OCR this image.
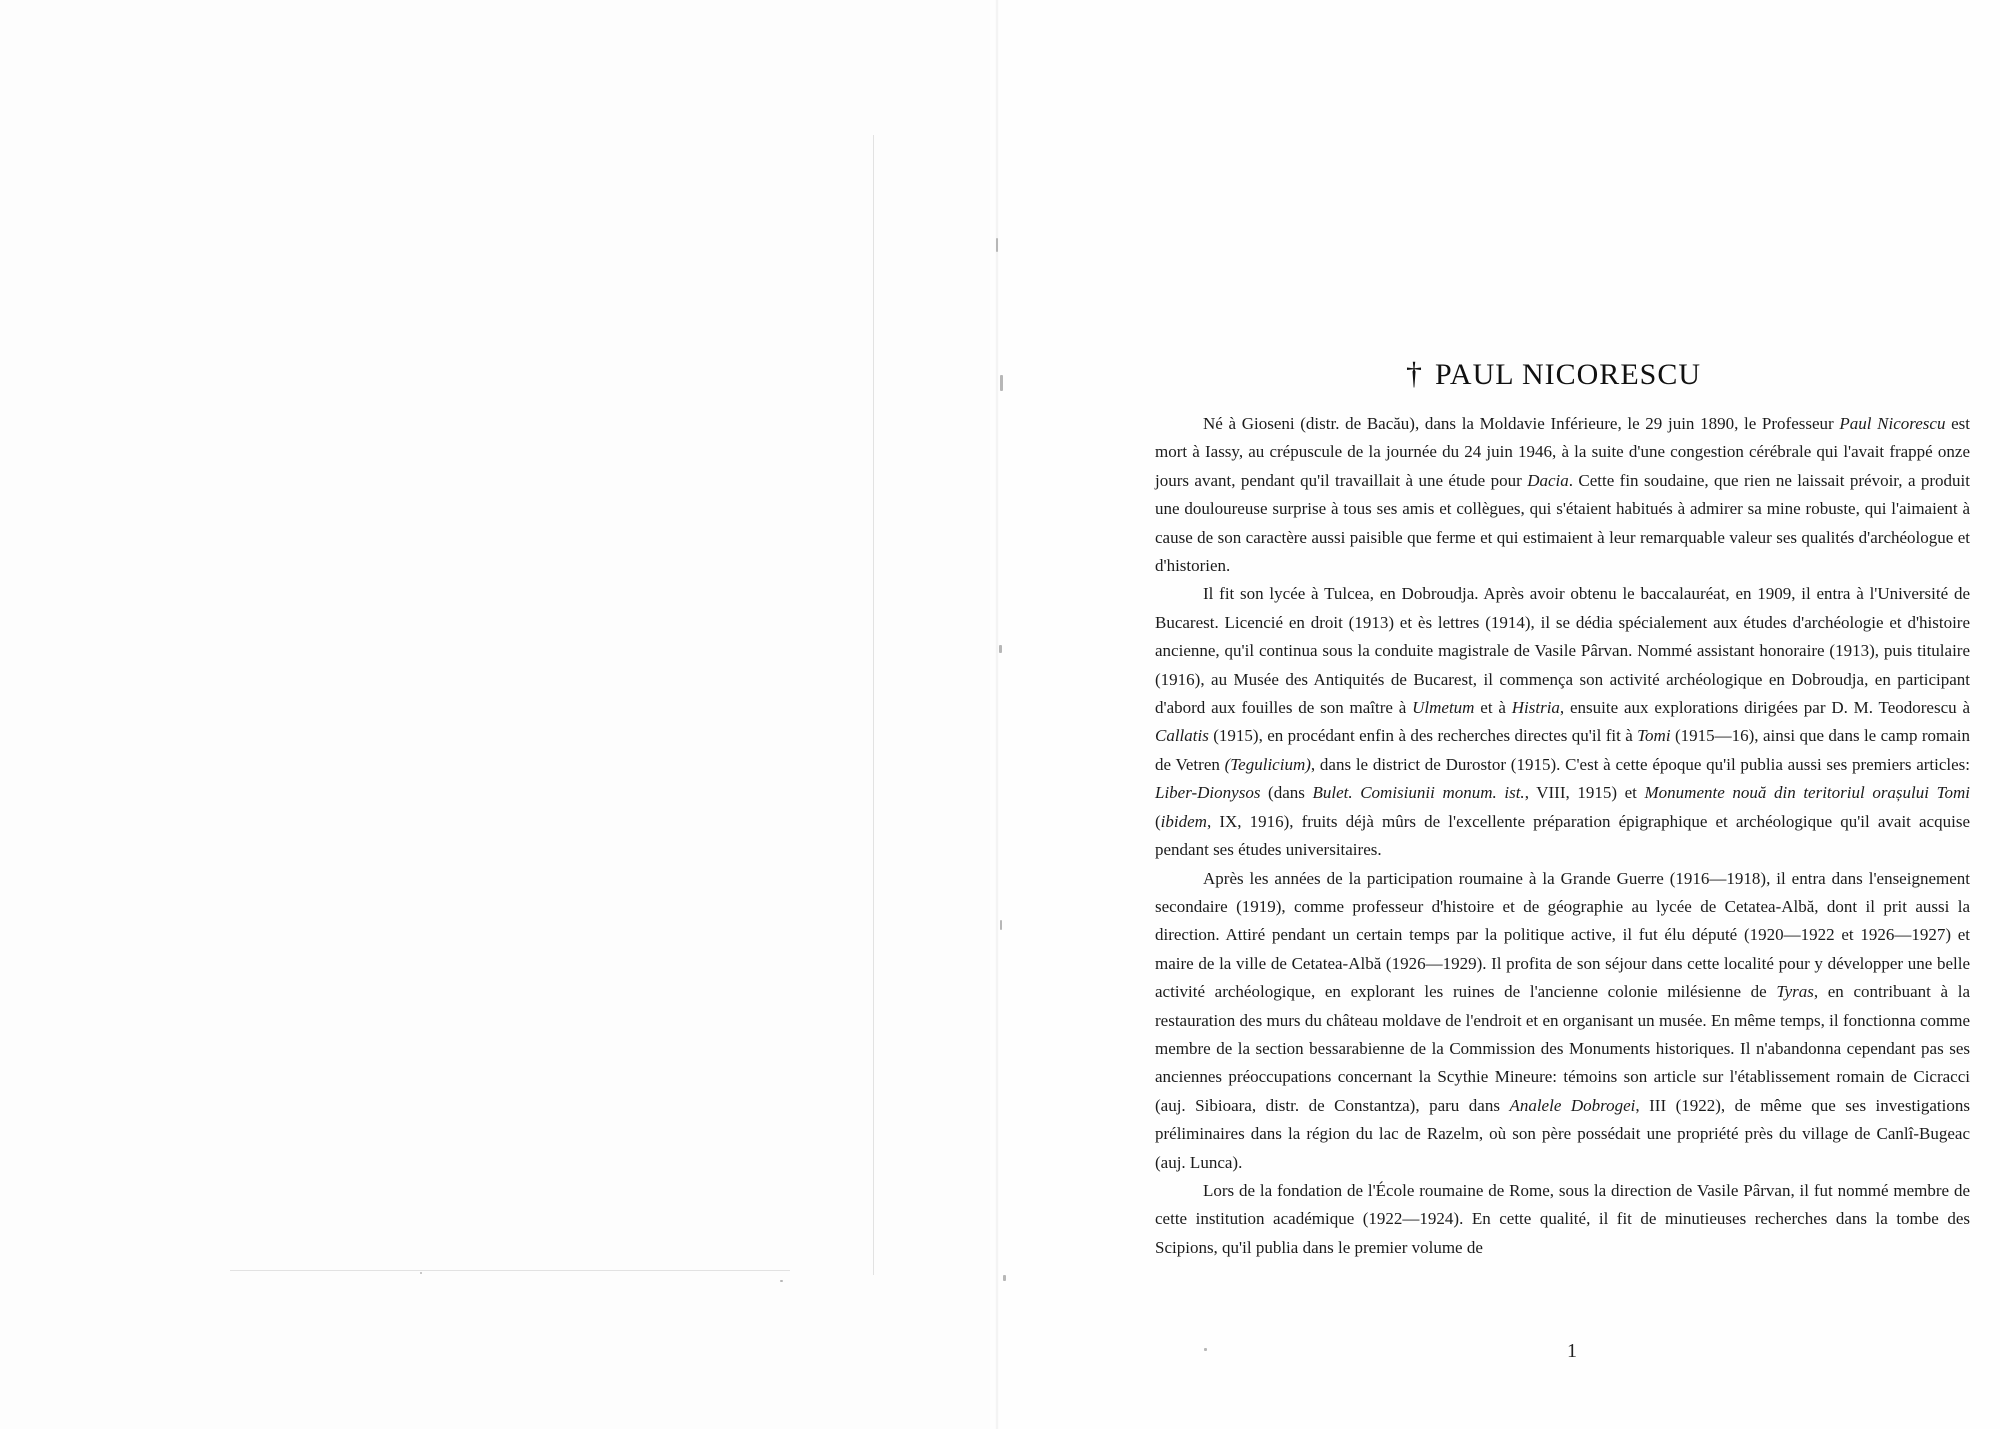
† PAUL NICORESCU

Né à Gioseni (distr. de Bacău), dans la Moldavie Inférieure, le 29 juin 1890, le Professeur Paul Nicorescu est mort à Iassy, au crépuscule de la journée du 24 juin 1946, à la suite d'une congestion cérébrale qui l'avait frappé onze jours avant, pendant qu'il travaillait à une étude pour Dacia. Cette fin soudaine, que rien ne laissait prévoir, a produit une douloureuse surprise à tous ses amis et collègues, qui s'étaient habitués à admirer sa mine robuste, qui l'aimaient à cause de son caractère aussi paisible que ferme et qui estimaient à leur remarquable valeur ses qualités d'archéologue et d'historien.

Il fit son lycée à Tulcea, en Dobroudja. Après avoir obtenu le baccalauréat, en 1909, il entra à l'Université de Bucarest. Licencié en droit (1913) et ès lettres (1914), il se dédia spécialement aux études d'archéologie et d'histoire ancienne, qu'il continua sous la conduite magistrale de Vasile Pârvan. Nommé assistant honoraire (1913), puis titulaire (1916), au Musée des Antiquités de Bucarest, il commença son activité archéologique en Dobroudja, en participant d'abord aux fouilles de son maître à Ulmetum et à Histria, ensuite aux explorations dirigées par D. M. Teodorescu à Callatis (1915), en procédant enfin à des recherches directes qu'il fit à Tomi (1915—16), ainsi que dans le camp romain de Vetren (Tegulicium), dans le district de Durostor (1915). C'est à cette époque qu'il publia aussi ses premiers articles: Liber-Dionysos (dans Bulet. Comisiunii monum. ist., VIII, 1915) et Monumente nouă din teritoriul orașului Tomi (ibidem, IX, 1916), fruits déjà mûrs de l'excellente préparation épigraphique et archéologique qu'il avait acquise pendant ses études universitaires.

Après les années de la participation roumaine à la Grande Guerre (1916—1918), il entra dans l'enseignement secondaire (1919), comme professeur d'histoire et de géographie au lycée de Cetatea-Albă, dont il prit aussi la direction. Attiré pendant un certain temps par la politique active, il fut élu député (1920—1922 et 1926—1927) et maire de la ville de Cetatea-Albă (1926—1929). Il profita de son séjour dans cette localité pour y développer une belle activité archéologique, en explorant les ruines de l'ancienne colonie milésienne de Tyras, en contribuant à la restauration des murs du château moldave de l'endroit et en organisant un musée. En même temps, il fonctionna comme membre de la section bessarabienne de la Commission des Monuments historiques. Il n'abandonna cependant pas ses anciennes préoccupations concernant la Scythie Mineure: témoins son article sur l'établissement romain de Cicracci (auj. Sibioara, distr. de Constantza), paru dans Analele Dobrogei, III (1922), de même que ses investigations préliminaires dans la région du lac de Razelm, où son père possédait une propriété près du village de Canlî-Bugeac (auj. Lunca).

Lors de la fondation de l'École roumaine de Rome, sous la direction de Vasile Pârvan, il fut nommé membre de cette institution académique (1922—1924). En cette qualité, il fit de minutieuses recherches dans la tombe des Scipions, qu'il publia dans le premier volume de

1
